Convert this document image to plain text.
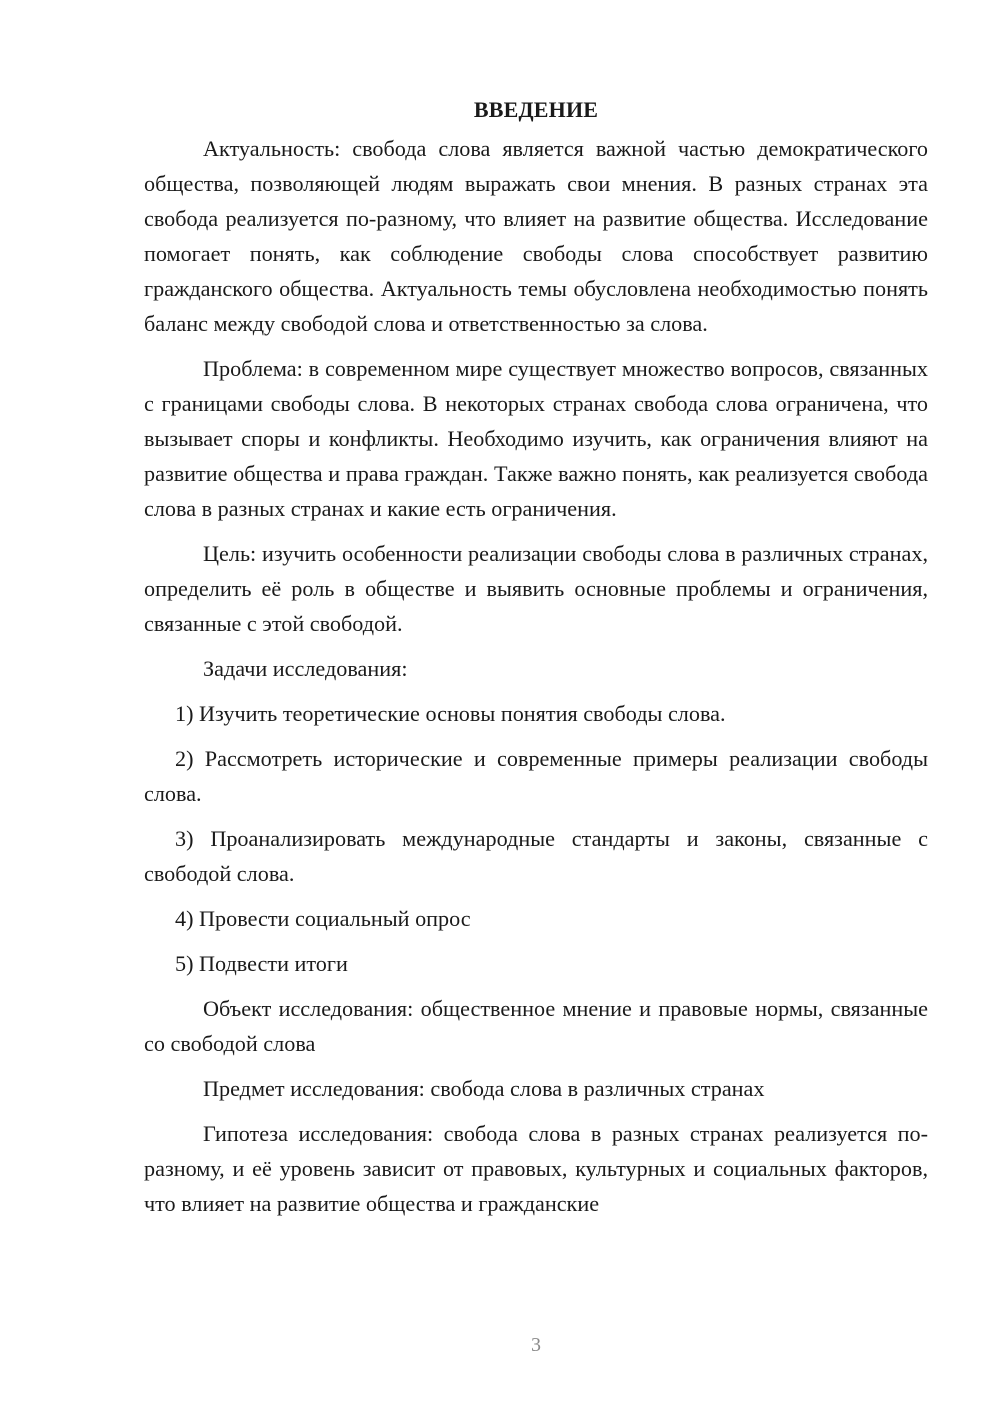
ВВЕДЕНИЕ

Актуальность: свобода слова является важной частью демократического общества, позволяющей людям выражать свои мнения. В разных странах эта свобода реализуется по-разному, что влияет на развитие общества. Исследование помогает понять, как соблюдение свободы слова способствует развитию гражданского общества. Актуальность темы обусловлена необходимостью понять баланс между свободой слова и ответственностью за слова.

Проблема: в современном мире существует множество вопросов, связанных с границами свободы слова. В некоторых странах свобода слова ограничена, что вызывает споры и конфликты. Необходимо изучить, как ограничения влияют на развитие общества и права граждан. Также важно понять, как реализуется свобода слова в разных странах и какие есть ограничения.

Цель: изучить особенности реализации свободы слова в различных странах, определить её роль в обществе и выявить основные проблемы и ограничения, связанные с этой свободой.

Задачи исследования:

1) Изучить теоретические основы понятия свободы слова.

2) Рассмотреть исторические и современные примеры реализации свободы слова.

3) Проанализировать международные стандарты и законы, связанные с свободой слова.

4) Провести социальный опрос

5) Подвести итоги

Объект исследования: общественное мнение и правовые нормы, связанные со свободой слова

Предмет исследования: свобода слова в различных странах

Гипотеза исследования: свобода слова в разных странах реализуется по-разному, и её уровень зависит от правовых, культурных и социальных факторов, что влияет на развитие общества и гражданские

3
